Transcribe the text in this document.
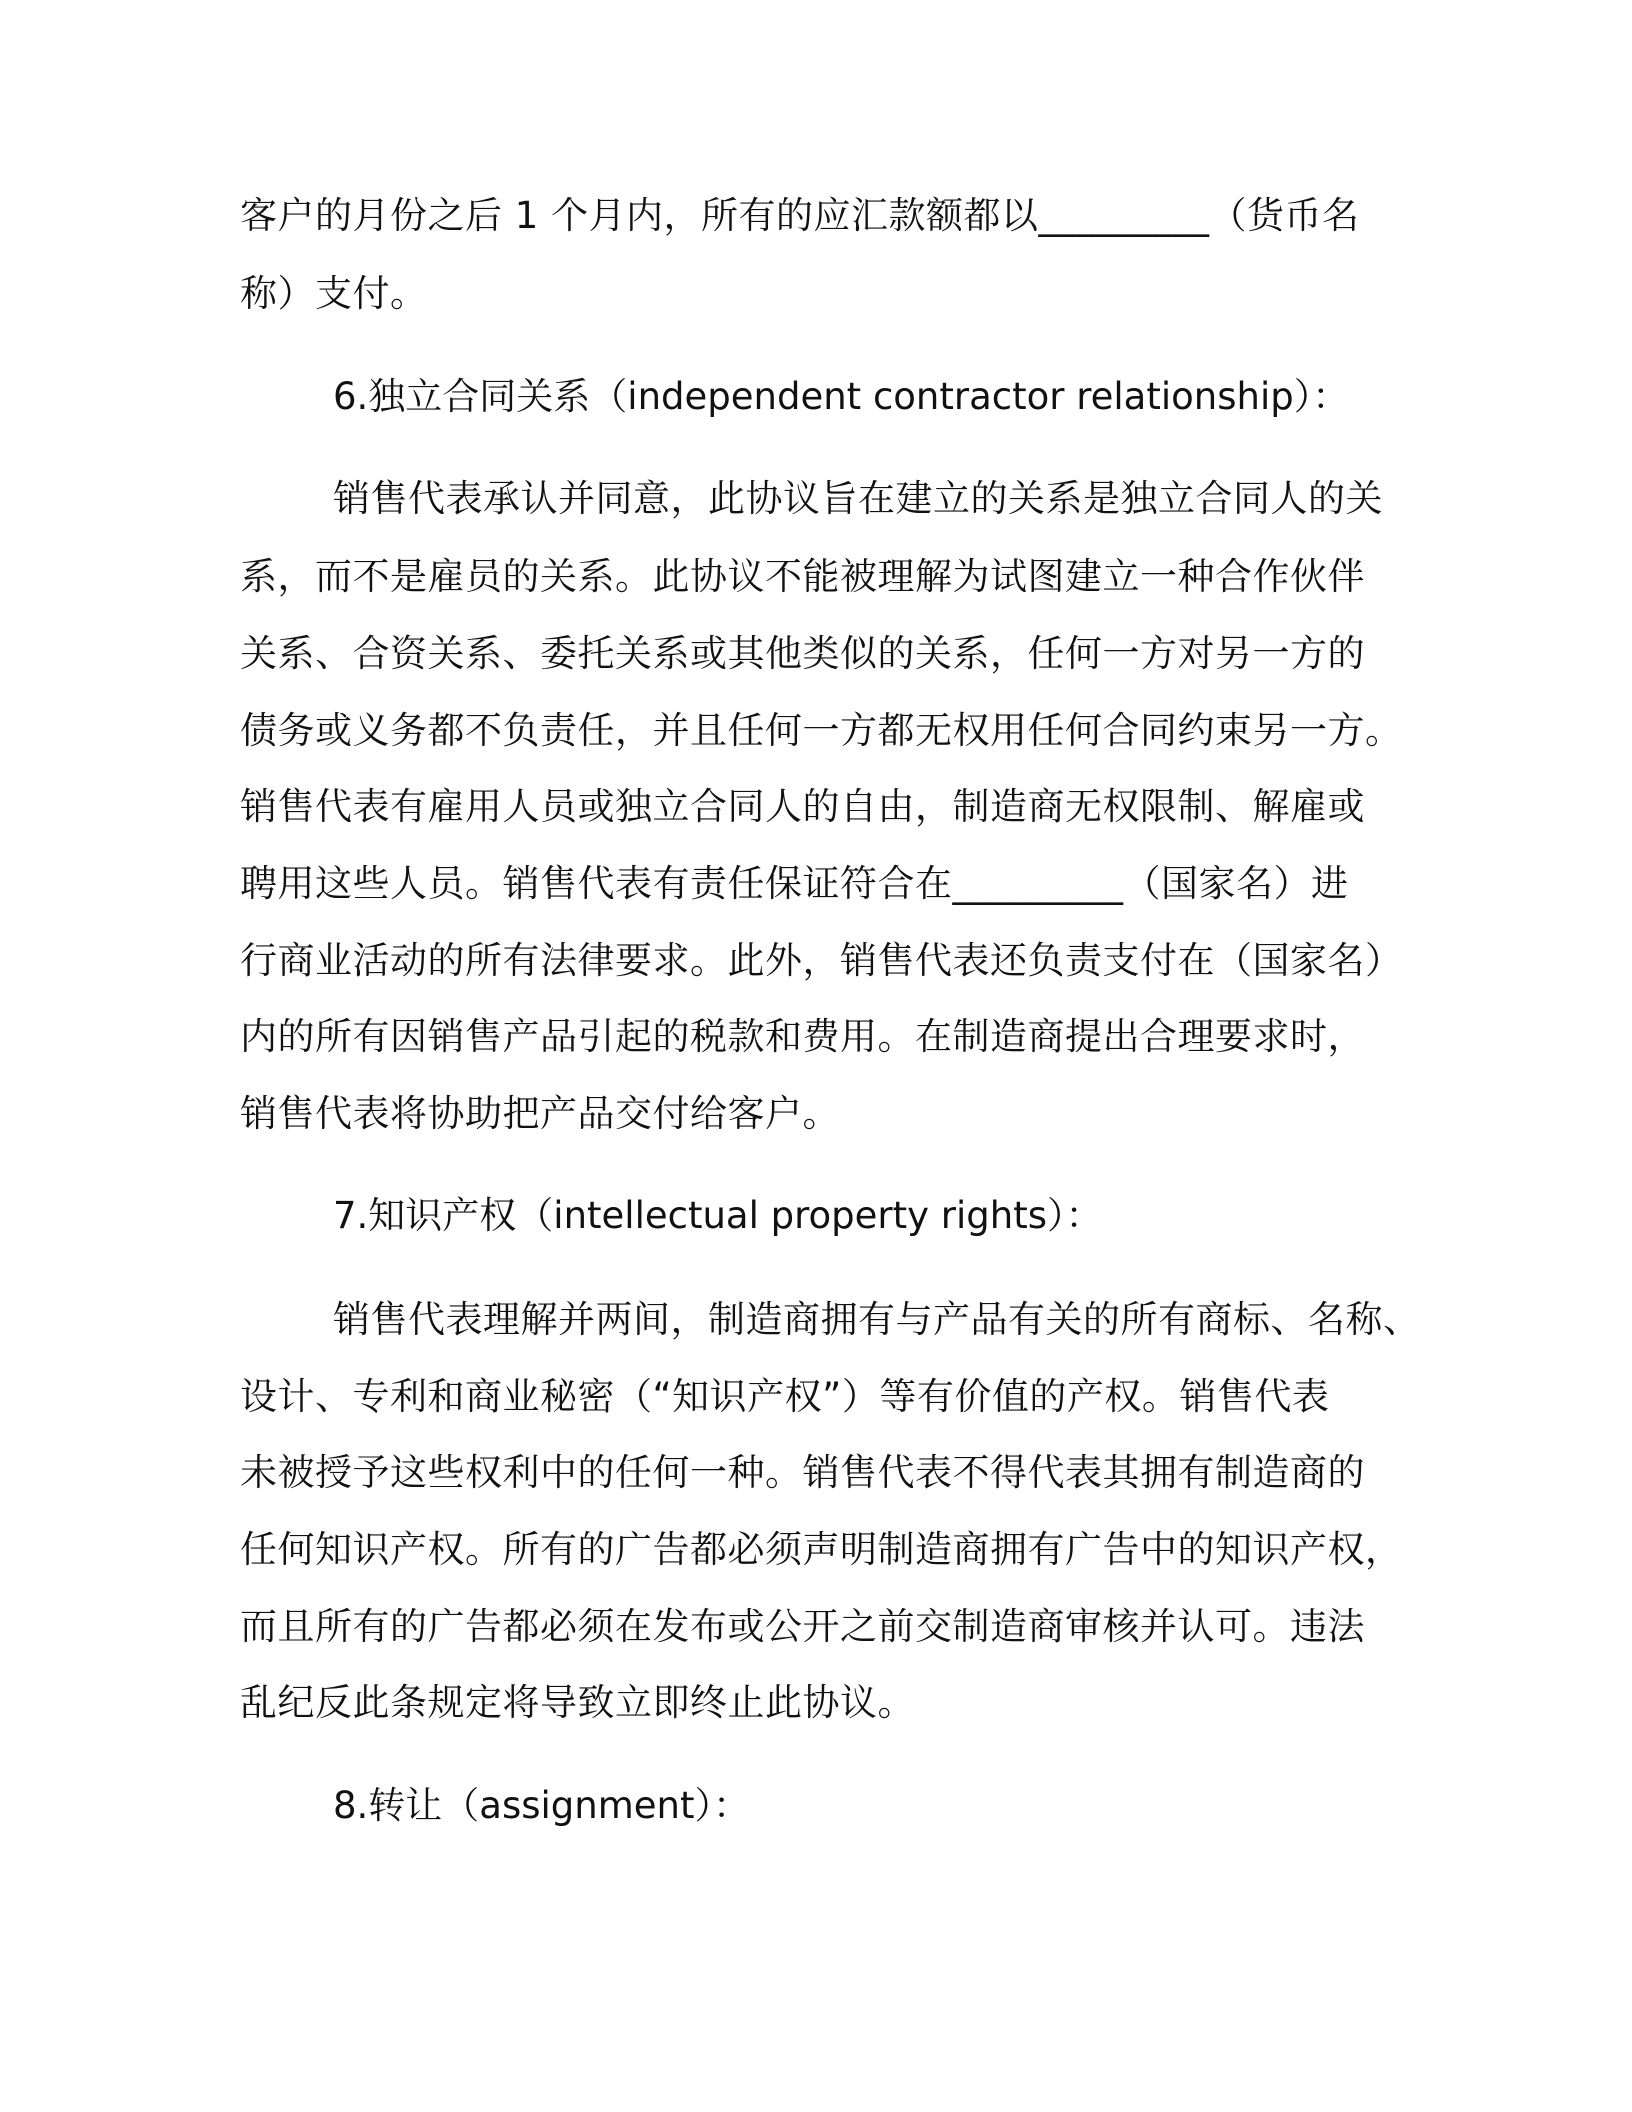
客户的月份之后 1 个月内，所有的应汇款额都以_________（货币名
称）支付。
6.独立合同关系（independent contractor relationship）：
销售代表承认并同意，此协议旨在建立的关系是独立合同人的关
系，而不是雇员的关系。此协议不能被理解为试图建立一种合作伙伴
关系、合资关系、委托关系或其他类似的关系，任何一方对另一方的
债务或义务都不负责任，并且任何一方都无权用任何合同约束另一方。
销售代表有雇用人员或独立合同人的自由，制造商无权限制、解雇或
聘用这些人员。销售代表有责任保证符合在_________（国家名）进
行商业活动的所有法律要求。此外，销售代表还负责支付在（国家名）
内的所有因销售产品引起的税款和费用。在制造商提出合理要求时，
销售代表将协助把产品交付给客户。
7.知识产权（intellectual property rights）：
销售代表理解并两间，制造商拥有与产品有关的所有商标、名称、
设计、专利和商业秘密（“知识产权”）等有价值的产权。销售代表
未被授予这些权利中的任何一种。销售代表不得代表其拥有制造商的
任何知识产权。所有的广告都必须声明制造商拥有广告中的知识产权，
而且所有的广告都必须在发布或公开之前交制造商审核并认可。违法
乱纪反此条规定将导致立即终止此协议。
8.转让（assignment）：
